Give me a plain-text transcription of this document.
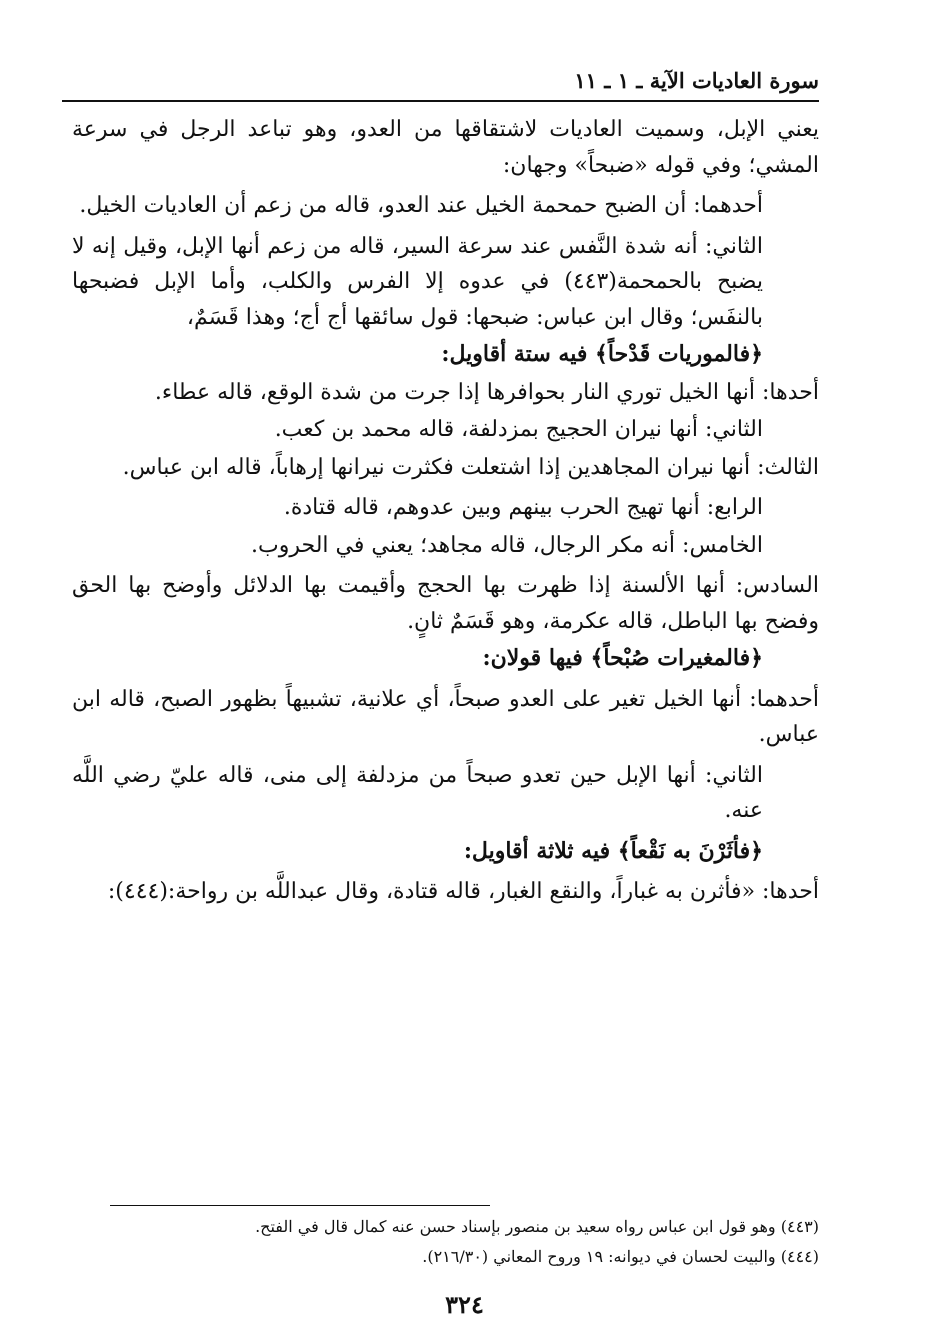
سورة العاديات الآية ـ ١ ـ ١١

يعني الإبل، وسميت العاديات لاشتقاقها من العدو، وهو تباعد الرجل في سرعة المشي؛ وفي قوله «ضبحاً» وجهان:

أحدهما: أن الضبح حمحمة الخيل عند العدو، قاله من زعم أن العاديات الخيل.

الثاني: أنه شدة النَّفس عند سرعة السير، قاله من زعم أنها الإبل، وقيل إنه لا يضبح بالحمحمة(٤٤٣) في عدوه إلا الفرس والكلب، وأما الإبل فضبحها بالنفَس؛ وقال ابن عباس: ضبحها: قول سائقها أج أج؛ وهذا قَسَمٌ،

﴿فالموريات قَدْحاً﴾ فيه ستة أقاويل:

أحدها: أنها الخيل توري النار بحوافرها إذا جرت من شدة الوقع، قاله عطاء.

الثاني: أنها نيران الحجيج بمزدلفة، قاله محمد بن كعب.

الثالث: أنها نيران المجاهدين إذا اشتعلت فكثرت نيرانها إرهاباً، قاله ابن عباس.

الرابع: أنها تهيج الحرب بينهم وبين عدوهم، قاله قتادة.

الخامس: أنه مكر الرجال، قاله مجاهد؛ يعني في الحروب.

السادس: أنها الألسنة إذا ظهرت بها الحجج وأقيمت بها الدلائل وأوضح بها الحق وفضح بها الباطل، قاله عكرمة، وهو قَسَمٌ ثانٍ.

﴿فالمغيرات صُبْحاً﴾ فيها قولان:

أحدهما: أنها الخيل تغير على العدو صبحاً، أي علانية، تشبيهاً بظهور الصبح، قاله ابن عباس.

الثاني: أنها الإبل حين تعدو صبحاً من مزدلفة إلى منى، قاله عليّ رضي اللَّه عنه.

﴿فأثَرْنَ به نَقْعاً﴾ فيه ثلاثة أقاويل:

أحدها: «فأثرن به غباراً، والنقع الغبار، قاله قتادة، وقال عبداللَّه بن رواحة:(٤٤٤):

(٤٤٣) وهو قول ابن عباس رواه سعيد بن منصور بإسناد حسن عنه كمال قال في الفتح.

(٤٤٤) والبيت لحسان في ديوانه: ١٩ وروح المعاني (٢١٦/٣٠).

٣٢٤
